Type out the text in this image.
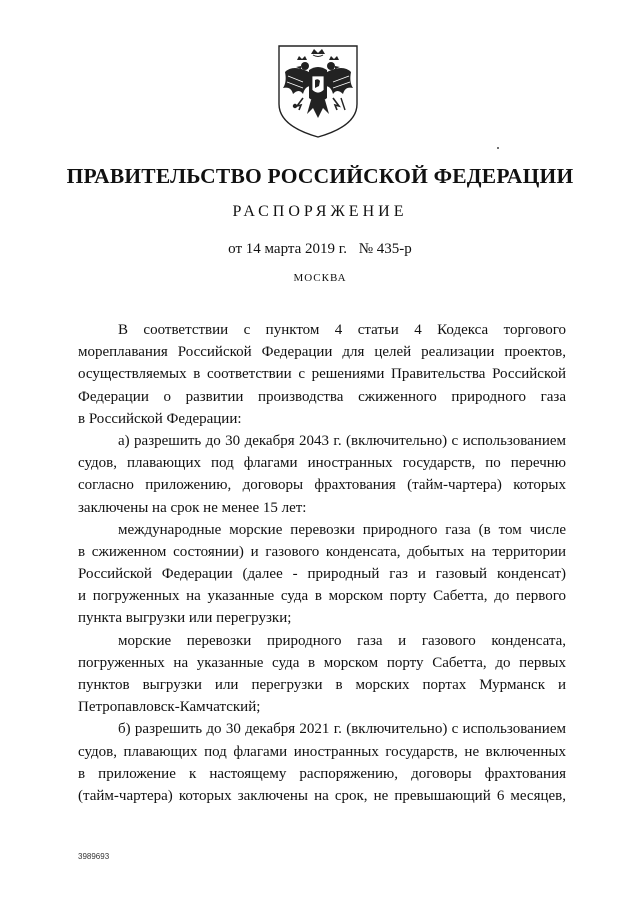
ПРАВИТЕЛЬСТВО РОССИЙСКОЙ ФЕДЕРАЦИИ
РАСПОРЯЖЕНИЕ
от 14 марта 2019 г. № 435-р
МОСКВА
В соответствии с пунктом 4 статьи 4 Кодекса торгового
мореплавания Российской Федерации для целей реализации проектов,
осуществляемых в соответствии с решениями Правительства Российской
Федерации о развитии производства сжиженного природного газа
в Российской Федерации:
а) разрешить до 30 декабря 2043 г. (включительно) с использованием
судов, плавающих под флагами иностранных государств, по перечню
согласно приложению, договоры фрахтования (тайм-чартера) которых
заключены на срок не менее 15 лет:
международные морские перевозки природного газа (в том числе
в сжиженном состоянии) и газового конденсата, добытых на территории
Российской Федерации (далее - природный газ и газовый конденсат)
и погруженных на указанные суда в морском порту Сабетта, до первого
пункта выгрузки или перегрузки;
морские перевозки природного газа и газового конденсата,
погруженных на указанные суда в морском порту Сабетта, до первых
пунктов выгрузки или перегрузки в морских портах Мурманск и
Петропавловск-Камчатский;
б) разрешить до 30 декабря 2021 г. (включительно) с использованием
судов, плавающих под флагами иностранных государств, не включенных
в приложение к настоящему распоряжению, договоры фрахтования
(тайм-чартера) которых заключены на срок, не превышающий 6 месяцев,
3989693
